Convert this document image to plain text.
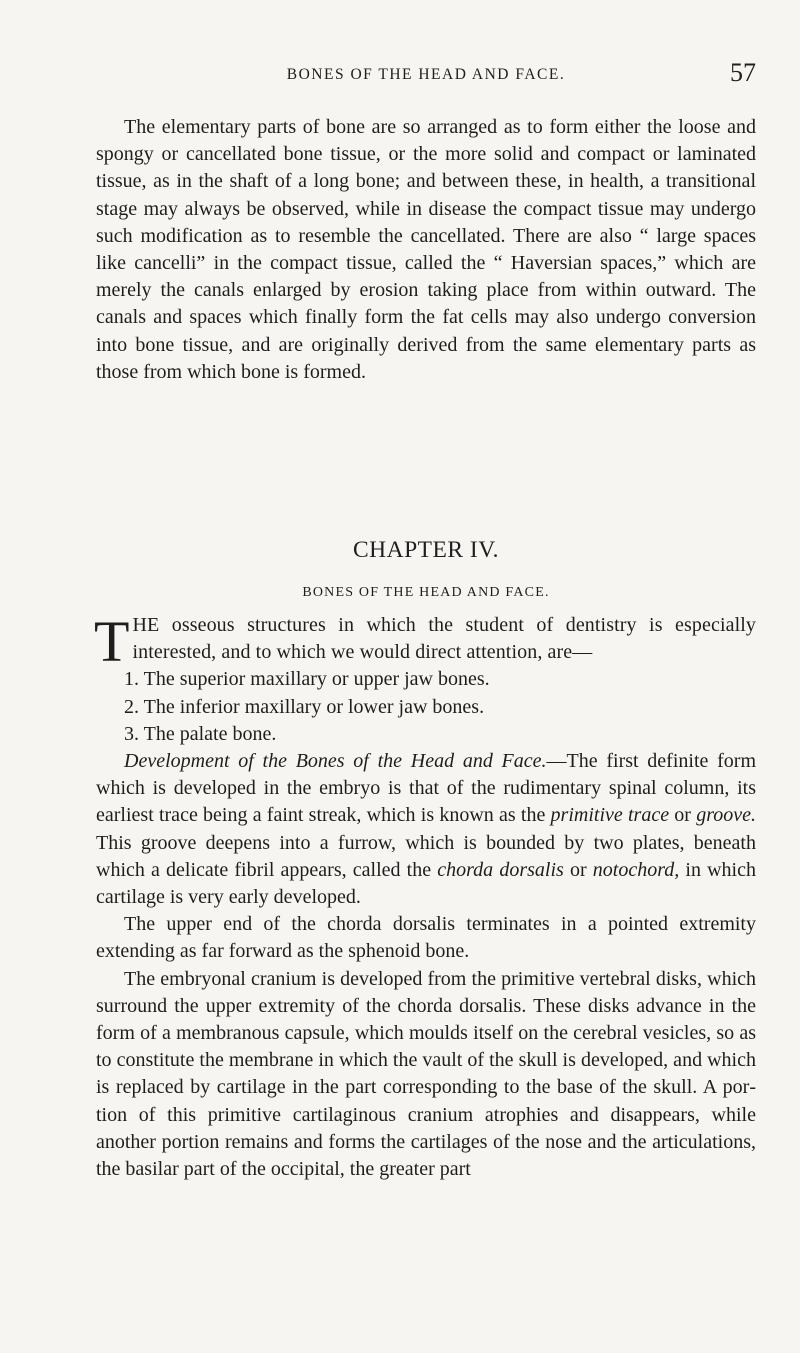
BONES OF THE HEAD AND FACE.	57

The elementary parts of bone are so arranged as to form either the loose and spongy or cancellated bone tissue, or the more solid and compact or laminated tissue, as in the shaft of a long bone; and between these, in health, a transitional stage may always be observed, while in disease the compact tissue may undergo such modification as to resemble the cancellated. There are also “ large spaces like cancelli” in the compact tissue, called the “ Haversian spaces,” which are merely the canals enlarged by erosion taking place from within outward. The canals and spaces which finally form the fat cells may also undergo conversion into bone tissue, and are originally derived from the same elementary parts as those from which bone is formed.

CHAPTER IV.
BONES OF THE HEAD AND FACE.

THE osseous structures in which the student of dentistry is especially interested, and to which we would direct attention, are—

1. The superior maxillary or upper jaw bones.

2. The inferior maxillary or lower jaw bones.

3. The palate bone.

Development of the Bones of the Head and Face.—The first definite form which is developed in the embryo is that of the rudimentary spinal column, its earliest trace being a faint streak, which is known as the primitive trace or groove. This groove deepens into a furrow, which is bounded by two plates, beneath which a delicate fibril appears, called the chorda dorsalis or notochord, in which cartilage is very early developed.

The upper end of the chorda dorsalis terminates in a pointed extremity extending as far forward as the sphenoid bone.

The embryonal cranium is developed from the primitive vertebral disks, which surround the upper extremity of the chorda dorsalis. These disks advance in the form of a membranous capsule, which moulds itself on the cerebral vesicles, so as to constitute the membrane in which the vault of the skull is developed, and which is replaced by cartilage in the part corresponding to the base of the skull. A portion of this primitive cartilaginous cranium atrophies and disappears, while another portion remains and forms the cartilages of the nose and the articulations, the basilar part of the occipital, the greater part
